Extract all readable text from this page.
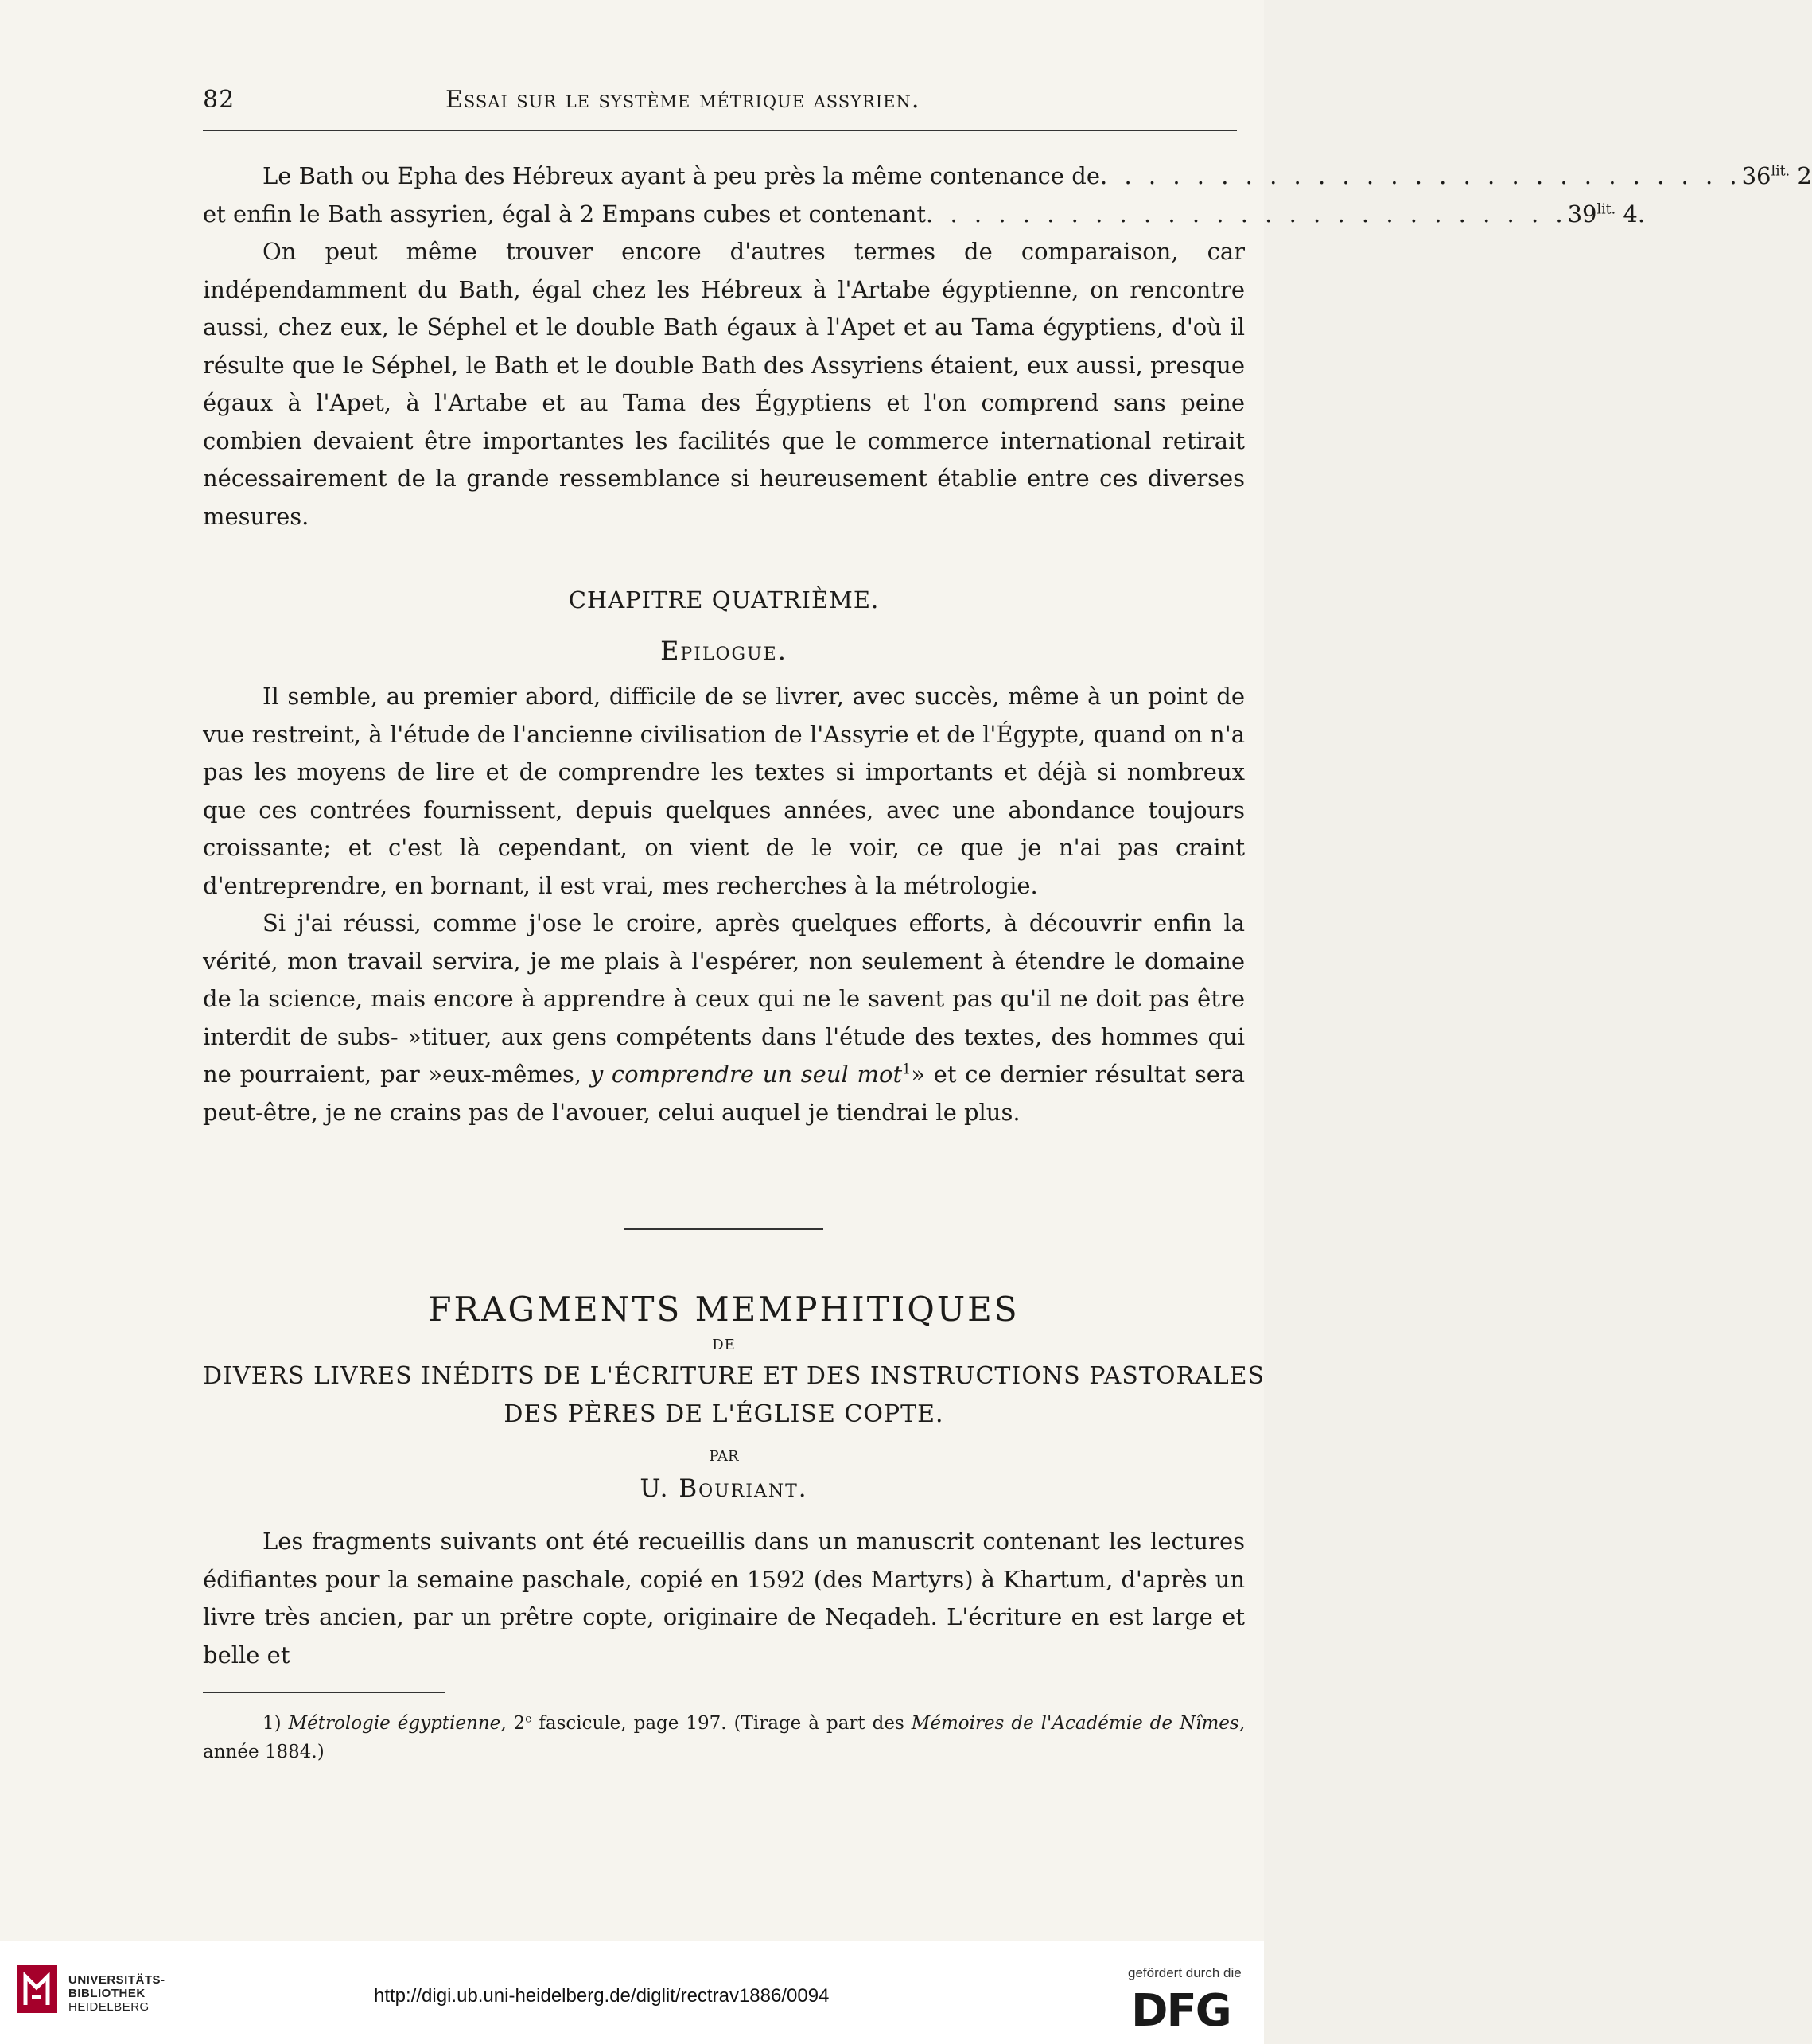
82	Essai sur le système métrique assyrien.
Le Bath ou Epha des Hébreux ayant à peu près la même contenance de . . . . . . . . . . . . . . . . . . . . . . . . . . . $36^{lit.}$ 2
et enfin le Bath assyrien, égal à 2 Empans cubes et contenant . . . . . . . . . . . . . . . . . . . . . . . . . . . $39^{lit.}$ 4.

On peut même trouver encore d'autres termes de comparaison, car indépendamment du Bath, égal chez les Hébreux à l'Artabe égyptienne, on rencontre aussi, chez eux, le Séphel et le double Bath égaux à l'Apet et au Tama égyptiens, d'où il résulte que le Séphel, le Bath et le double Bath des Assyriens étaient, eux aussi, presque égaux à l'Apet, à l'Artabe et au Tama des Égyptiens et l'on comprend sans peine combien devaient être importantes les facilités que le commerce international retirait nécessairement de la grande ressemblance si heureusement établie entre ces diverses mesures.

CHAPITRE QUATRIÈME.

Epilogue.

Il semble, au premier abord, difficile de se livrer, avec succès, même à un point de vue restreint, à l'étude de l'ancienne civilisation de l'Assyrie et de l'Égypte, quand on n'a pas les moyens de lire et de comprendre les textes si importants et déjà si nombreux que ces contrées fournissent, depuis quelques années, avec une abondance toujours croissante; et c'est là cependant, on vient de le voir, ce que je n'ai pas craint d'entreprendre, en bornant, il est vrai, mes recherches à la métrologie.

Si j'ai réussi, comme j'ose le croire, après quelques efforts, à découvrir enfin la vérité, mon travail servira, je me plais à l'espérer, non seulement à étendre le domaine de la science, mais encore à apprendre à ceux qui ne le savent pas qu'il ne doit pas être interdit de subs- »tituer, aux gens compétents dans l'étude des textes, des hommes qui ne pourraient, par »eux-mêmes, y comprendre un seul mot$^1$» et ce dernier résultat sera peut-être, je ne crains pas de l'avouer, celui auquel je tiendrai le plus.

FRAGMENTS MEMPHITIQUES
DE
DIVERS LIVRES INÉDITS DE L'ÉCRITURE ET DES INSTRUCTIONS PASTORALES
DES PÈRES DE L'ÉGLISE COPTE.
PAR
U. Bouriant.

Les fragments suivants ont été recueillis dans un manuscrit contenant les lectures édifiantes pour la semaine paschale, copié en 1592 (des Martyrs) à Khartum, d'après un livre très ancien, par un prêtre copte, originaire de Neqadeh. L'écriture en est large et belle et

1) Métrologie égyptienne, 2e fascicule, page 197. (Tirage à part des Mémoires de l'Académie de Nîmes, année 1884.)

UNIVERSITÄTS-
BIBLIOTHEK
HEIDELBERG
http://digi.ub.uni-heidelberg.de/diglit/rectrav1886/0094
gefördert durch die
DFG
